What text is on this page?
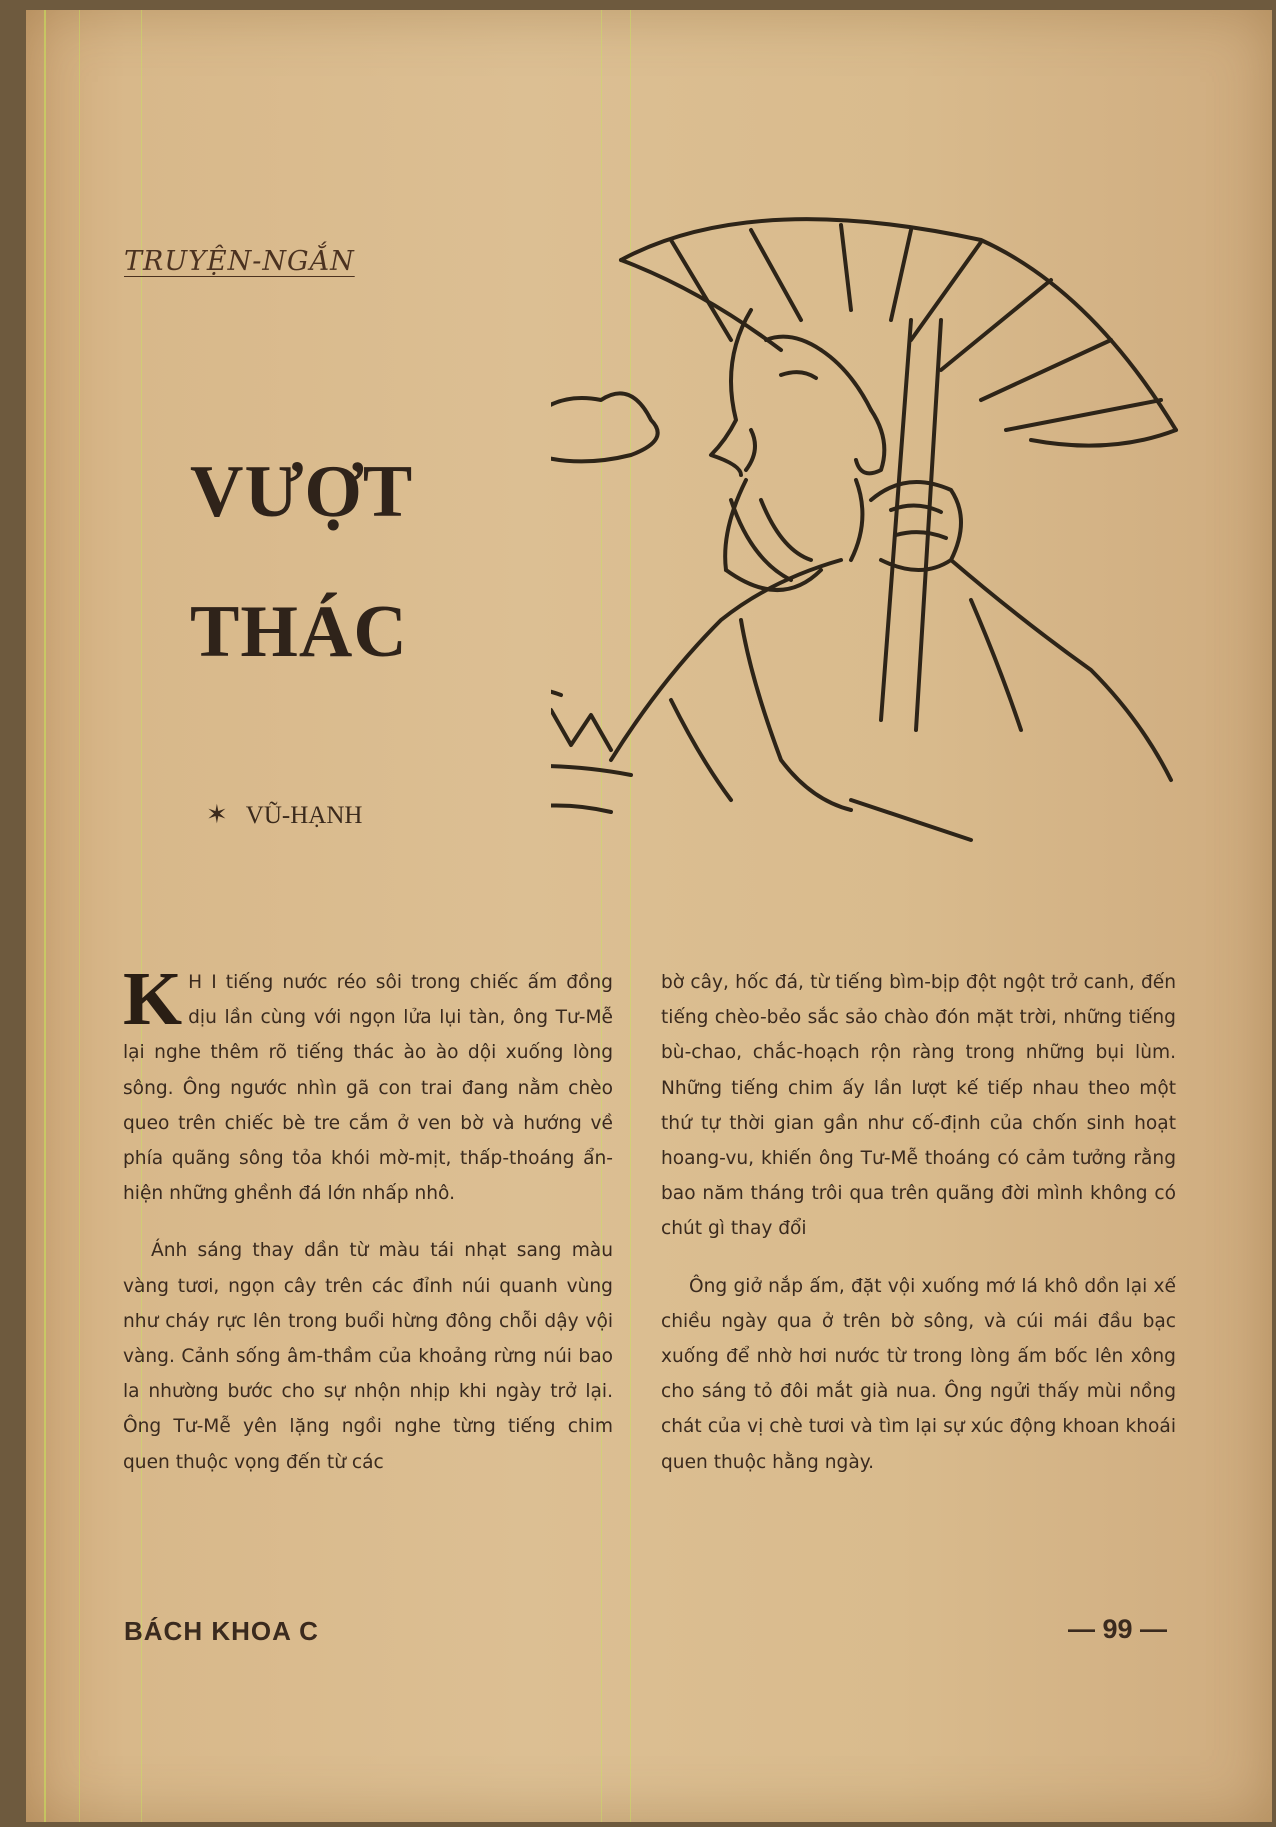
TRUYỆN-NGẮN
VƯỢT
THÁC
✶ VŨ-HẠNH

K H I tiếng nước réo sôi trong chiếc ấm đồng dịu lần cùng với ngọn lửa lụi tàn, ông Tư-Mễ lại nghe thêm rõ tiếng thác ào ào dội xuống lòng sông. Ông ngước nhìn gã con trai đang nằm chèo queo trên chiếc bè tre cắm ở ven bờ và hướng về phía quãng sông tỏa khói mờ-mịt, thấp-thoáng ẩn-hiện những ghềnh đá lớn nhấp nhô.

Ánh sáng thay dần từ màu tái nhạt sang màu vàng tươi, ngọn cây trên các đỉnh núi quanh vùng như cháy rực lên trong buổi hừng đông chỗi dậy vội vàng. Cảnh sống âm-thầm của khoảng rừng núi bao la nhường bước cho sự nhộn nhịp khi ngày trở lại. Ông Tư-Mễ yên lặng ngồi nghe từng tiếng chim quen thuộc vọng đến từ các

bờ cây, hốc đá, từ tiếng bìm-bịp đột ngột trở canh, đến tiếng chèo-bẻo sắc sảo chào đón mặt trời, những tiếng bù-chao, chắc-hoạch rộn ràng trong những bụi lùm. Những tiếng chim ấy lần lượt kế tiếp nhau theo một thứ tự thời gian gần như cố-định của chốn sinh hoạt hoang-vu, khiến ông Tư-Mễ thoáng có cảm tưởng rằng bao năm tháng trôi qua trên quãng đời mình không có chút gì thay đổi

Ông giở nắp ấm, đặt vội xuống mớ lá khô dồn lại xế chiều ngày qua ở trên bờ sông, và cúi mái đầu bạc xuống để nhờ hơi nước từ trong lòng ấm bốc lên xông cho sáng tỏ đôi mắt già nua. Ông ngửi thấy mùi nồng chát của vị chè tươi và tìm lại sự xúc động khoan khoái quen thuộc hằng ngày.

BÁCH KHOA C	— 99 —
